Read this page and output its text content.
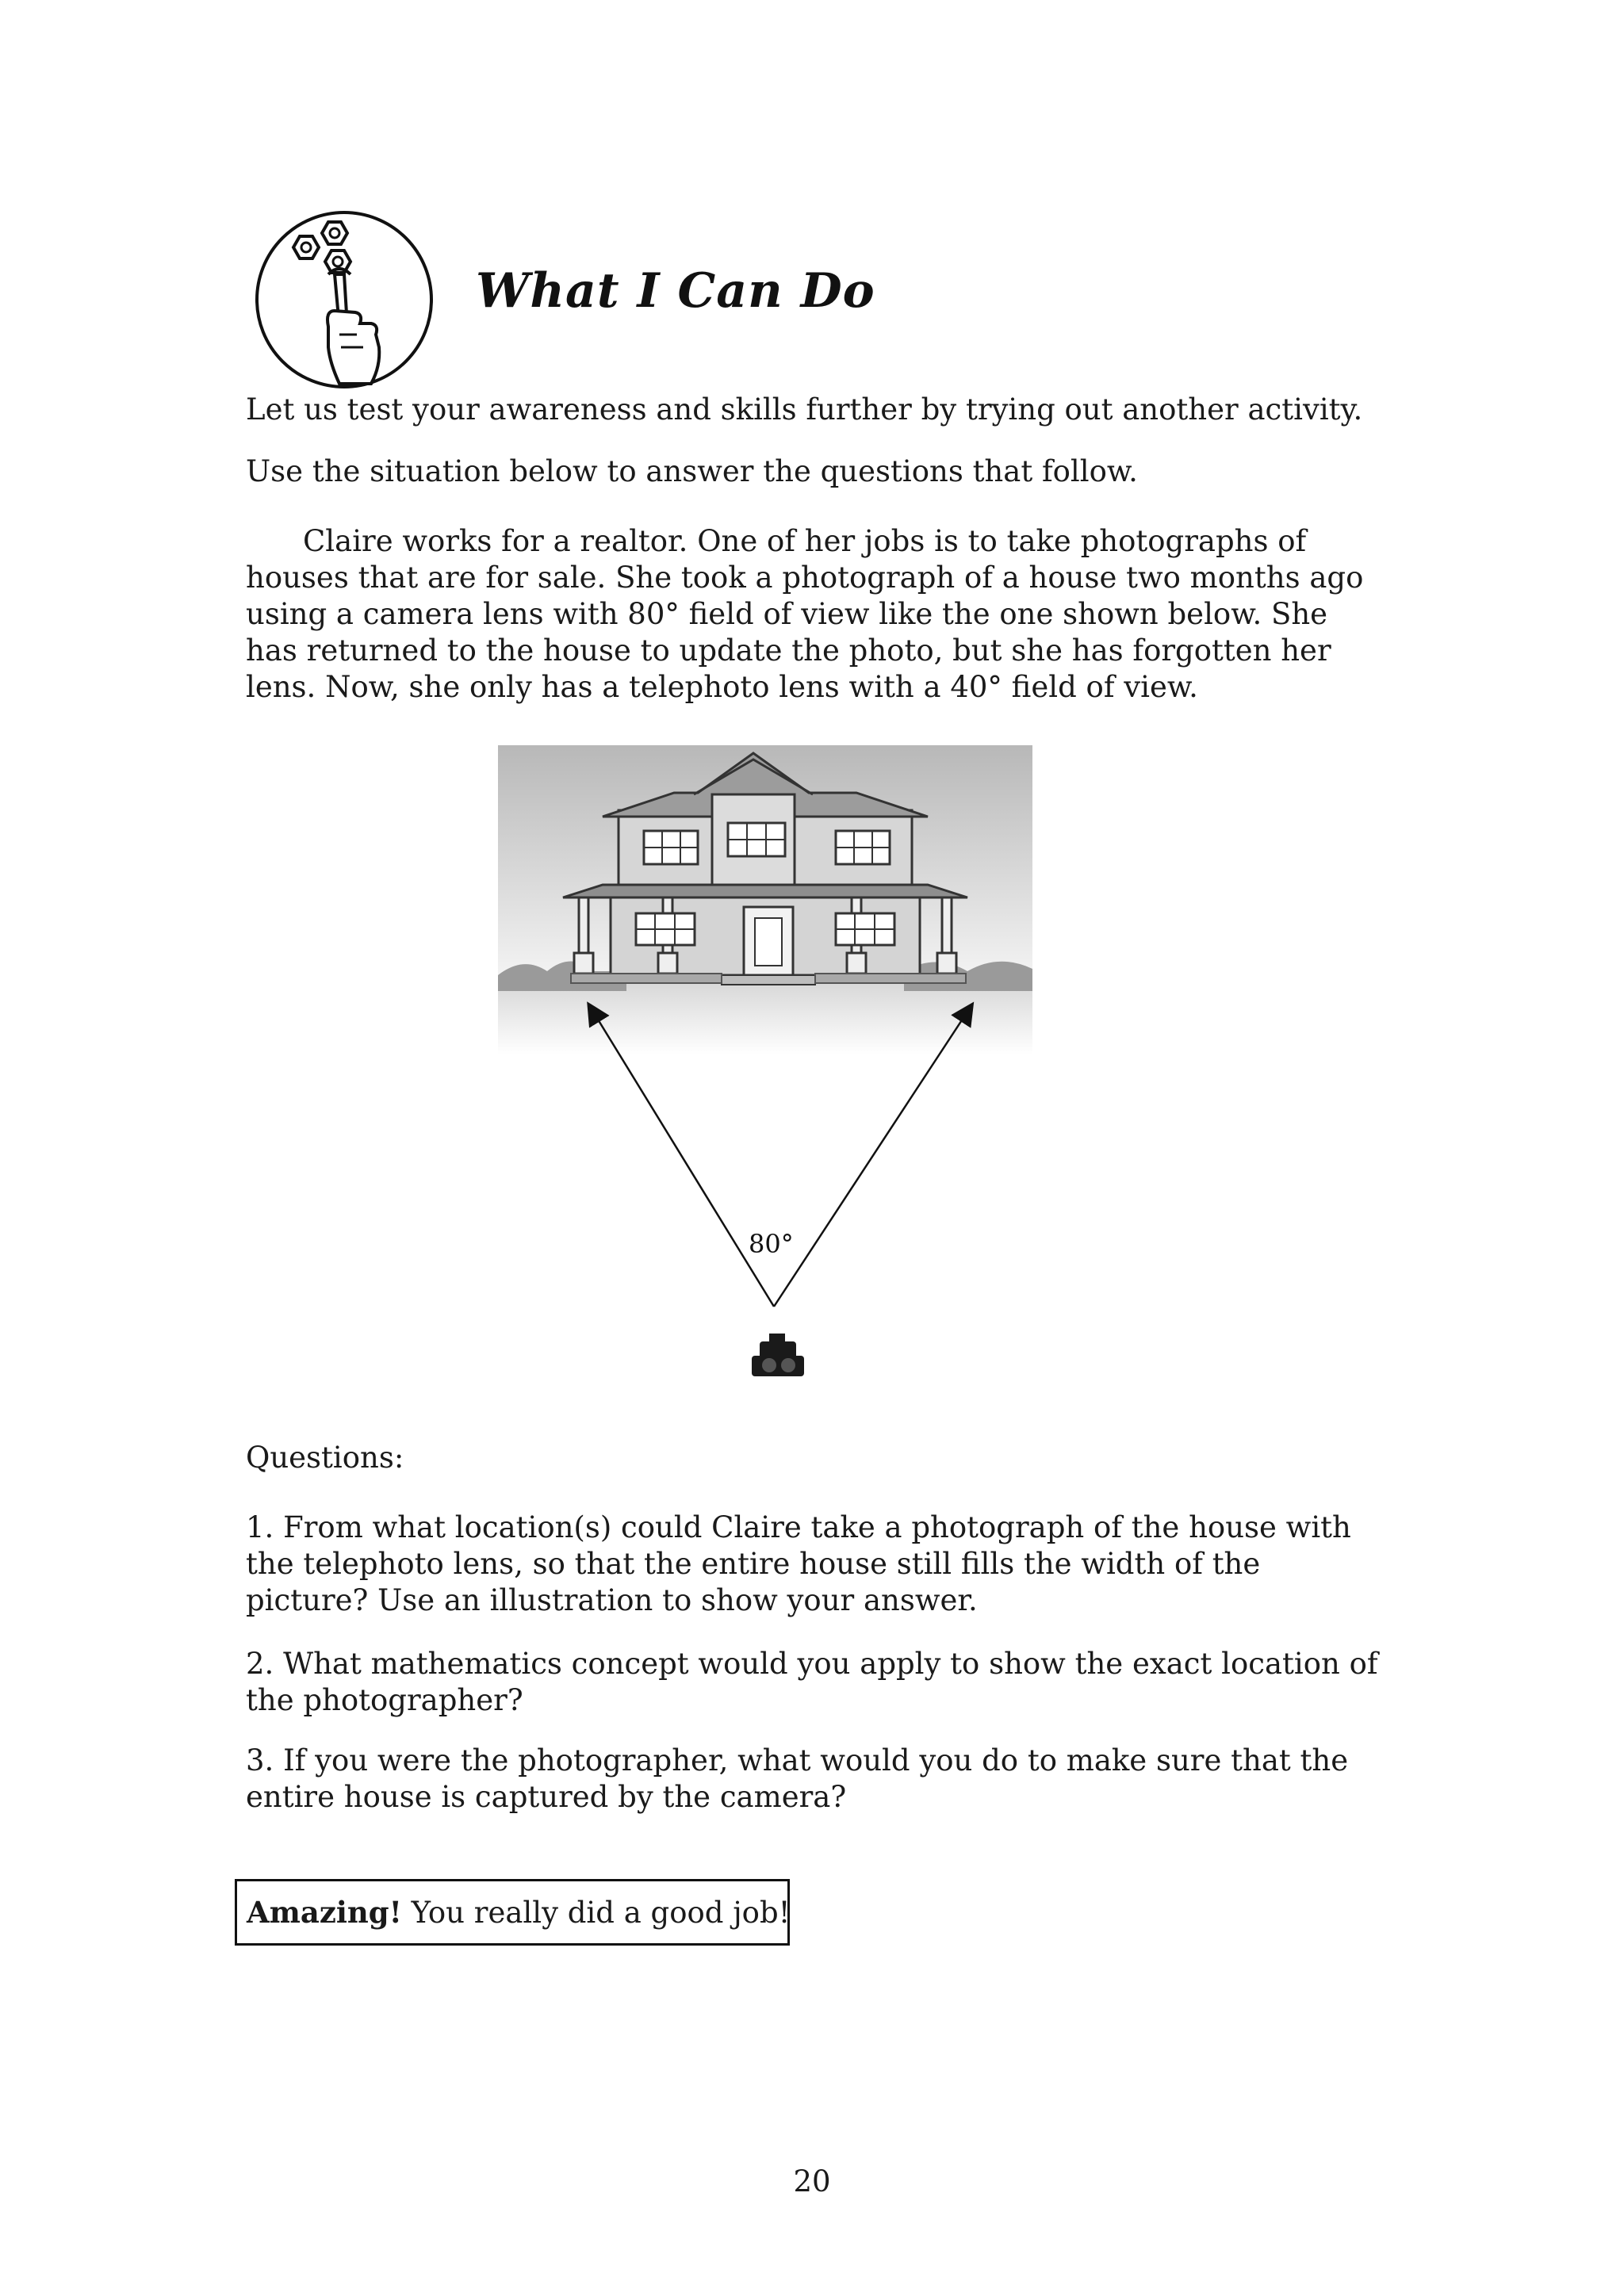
What I Can Do

Let us test your awareness and skills further by trying out another activity.

Use the situation below to answer the questions that follow.

Claire works for a realtor. One of her jobs is to take photographs of houses that are for sale. She took a photograph of a house two months ago using a camera lens with 80° field of view like the one shown below. She has returned to the house to update the photo, but she has forgotten her lens. Now, she only has a telephoto lens with a 40° field of view.

80°

Questions:

1. From what location(s) could Claire take a photograph of the house with the telephoto lens, so that the entire house still fills the width of the picture? Use an illustration to show your answer.

2. What mathematics concept would you apply to show the exact location of the photographer?

3. If you were the photographer, what would you do to make sure that the entire house is captured by the camera?

Amazing! You really did a good job!

20
